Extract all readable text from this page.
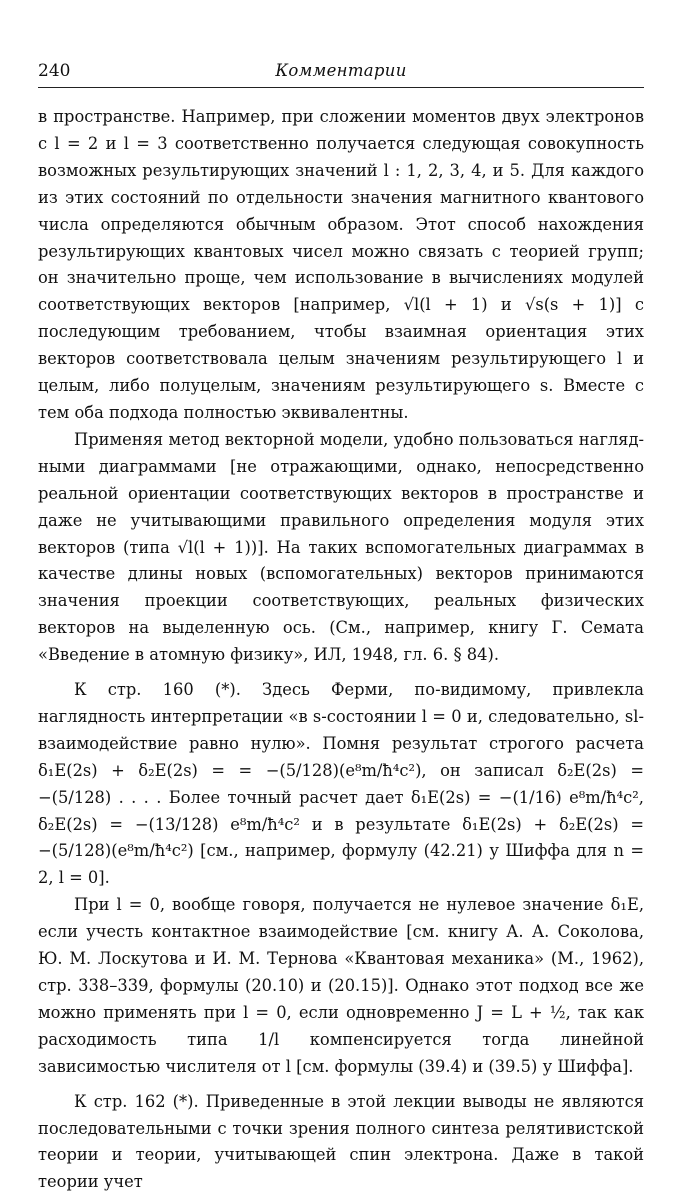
240	Комментарии

в пространстве. Например, при сложении моментов двух электронов с l = 2 и l = 3 соответственно получается следующая совокупность возможных результирующих значений l : 1, 2, 3, 4, и 5. Для каждого из этих состояний по отдельности значения магнитного квантового числа определяются обычным образом. Этот способ нахождения результирующих квантовых чисел можно связать с теорией групп; он значительно проще, чем использование в вычислениях модулей соответствующих векторов [например, √l(l + 1) и √s(s + 1)] с последующим требованием, чтобы взаимная ориентация этих векторов соответствовала целым значениям результирующего l и целым, либо полуцелым, значениям результирующего s. Вместе с тем оба подхода полностью эквивалентны.

Применяя метод векторной модели, удобно пользоваться наглядными диаграммами [не отражающими, однако, непосредственно реальной ориентации соответствующих векторов в пространстве и даже не учитывающими правильного определения модуля этих векторов (типа √l(l + 1))]. На таких вспомогательных диаграммах в качестве длины новых (вспомогательных) векторов принимаются значения проекции соответствующих, реальных физических векторов на выделенную ось. (См., например, книгу Г. Семата «Введение в атомную физику», ИЛ, 1948, гл. 6. § 84).

К стр. 160 (*). Здесь Ферми, по-видимому, привлекла наглядность интерпретации «в s-состоянии l = 0 и, следовательно, sl-взаимодействие равно нулю». Помня результат строгого расчета δ₁E(2s) + δ₂E(2s) = = −(5/128)(e⁸m/ħ⁴c²), он записал δ₂E(2s) = −(5/128) . . . . Более точный расчет дает δ₁E(2s) = −(1/16) e⁸m/ħ⁴c², δ₂E(2s) = −(13/128) e⁸m/ħ⁴c² и в результате δ₁E(2s) + δ₂E(2s) = −(5/128)(e⁸m/ħ⁴c²) [см., например, формулу (42.21) у Шиффа для n = 2, l = 0].

При l = 0, вообще говоря, получается не нулевое значение δ₁E, если учесть контактное взаимодействие [см. книгу А. А. Соколова, Ю. М. Лоскутова и И. М. Тернова «Квантовая механика» (М., 1962), стр. 338–339, формулы (20.10) и (20.15)]. Однако этот подход все же можно применять при l = 0, если одновременно J = L + ½, так как расходимость типа 1/l компенсируется тогда линейной зависимостью числителя от l [см. формулы (39.4) и (39.5) у Шиффа].

К стр. 162 (*). Приведенные в этой лекции выводы не являются последовательными с точки зрения полного синтеза релятивистской теории и теории, учитывающей спин электрона. Даже в такой теории учет
